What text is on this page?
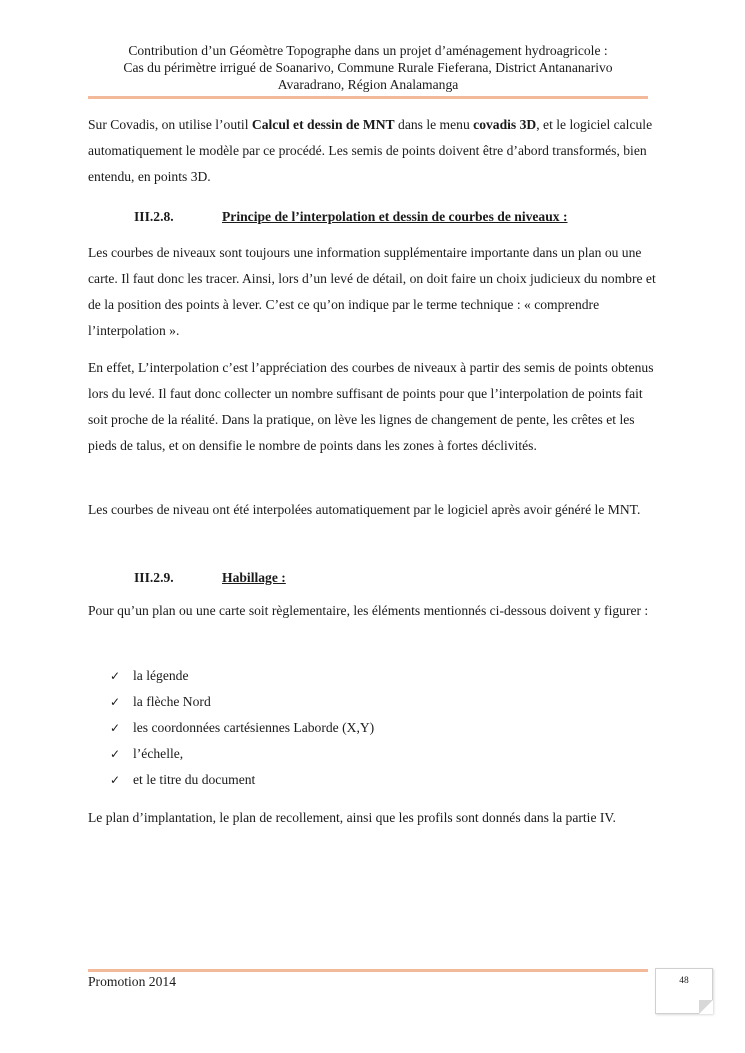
Contribution d’un Géomètre Topographe dans un projet d’aménagement hydroagricole :
Cas du périmètre irrigué de Soanarivo, Commune Rurale Fieferana, District Antananarivo
Avaradrano, Région Analamanga

Sur Covadis, on utilise l’outil Calcul et dessin de MNT dans le menu covadis 3D, et le logiciel calcule automatiquement le modèle par ce procédé. Les semis de points doivent être d’abord transformés, bien entendu, en points 3D.

III.2.8.	Principe de l’interpolation et dessin de courbes de niveaux :

Les courbes de niveaux sont toujours une information supplémentaire importante dans un plan ou une carte. Il faut donc les tracer. Ainsi, lors d’un levé de détail, on doit faire un choix judicieux du nombre et de la position des points à lever. C’est ce qu’on indique par le terme technique : « comprendre l’interpolation ».

En effet, L’interpolation c’est l’appréciation des courbes de niveaux à partir des semis de points obtenus lors du levé. Il faut donc collecter un nombre suffisant de points pour que l’interpolation de points fait soit proche de la réalité. Dans la pratique, on lève les lignes de changement de pente, les crêtes et les pieds de talus, et on densifie le nombre de points dans les zones à fortes déclivités.

Les courbes de niveau ont été interpolées automatiquement par le logiciel après avoir généré le MNT.

III.2.9.	Habillage :

Pour qu’un plan ou une carte soit règlementaire, les éléments mentionnés ci-dessous doivent y figurer :

✓ la légende
✓ la flèche Nord
✓ les coordonnées cartésiennes Laborde (X,Y)
✓ l’échelle,
✓ et le titre du document

Le plan d’implantation, le plan de recollement, ainsi que les profils sont donnés dans la partie IV.

Promotion 2014	48
